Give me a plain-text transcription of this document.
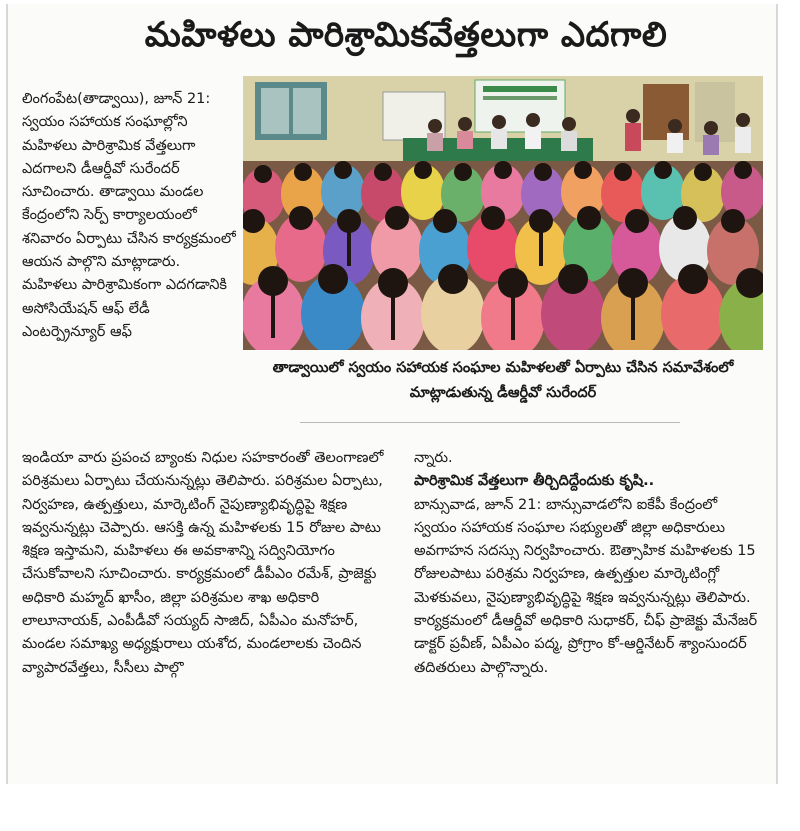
మహిళలు పారిశ్రామికవేత్తలుగా ఎదగాలి
లింగంపేట(తాడ్వాయి), జూన్ 21: స్వయం సహాయక సంఘాల్లోని మహిళలు పారిశ్రామిక వేత్తలుగా ఎదగాలని డీఆర్డీవో సురేందర్ సూచించారు. తాడ్వాయి మండల కేంద్రంలోని సెర్ప్ కార్యాలయంలో శనివారం ఏర్పాటు చేసిన కార్యక్రమంలో ఆయన పాల్గొని మాట్లాడారు. మహిళలు పారిశ్రామికంగా ఎదగడానికి అసోసియేషన్ ఆఫ్ లేడీ ఎంటర్ప్రెన్యూర్ ఆఫ్
తాడ్వాయిలో స్వయం సహాయక సంఘాల మహిళలతో ఏర్పాటు చేసిన సమావేశంలో మాట్లాడుతున్న డీఆర్డీవో సురేందర్
ఇండియా వారు ప్రపంచ బ్యాంకు నిధుల సహకారంతో తెలంగాణలో పరిశ్రమలు ఏర్పాటు చేయనున్నట్లు తెలిపారు. పరిశ్రమల ఏర్పాటు, నిర్వహణ, ఉత్పత్తులు, మార్కెటింగ్ నైపుణ్యాభివృద్ధిపై శిక్షణ ఇవ్వనున్నట్లు చెప్పారు. ఆసక్తి ఉన్న మహిళలకు 15 రోజుల పాటు శిక్షణ ఇస్తామని, మహిళలు ఈ అవకాశాన్ని సద్వినియోగం చేసుకోవాలని సూచించారు. కార్యక్రమంలో డీపీఎం రమేశ్, ప్రాజెక్టు అధికారి మహ్మద్ ఖాసీం, జిల్లా పరిశ్రమల శాఖ అధికారి లాలూనాయక్, ఎంపీడీవో సయ్యద్ సాజిద్, ఏపీఎం మనోహర్, మండల సమాఖ్య అధ్యక్షురాలు యశోద, మండలాలకు చెందిన వ్యాపారవేత్తలు, సీసీలు పాల్గొ
న్నారు.
పారిశ్రామిక వేత్తలుగా తీర్చిదిద్దేందుకు కృషి..
బాన్సువాడ, జూన్ 21: బాన్సువాడలోని ఐకేపీ కేంద్రంలో స్వయం సహాయక సంఘాల సభ్యులతో జిల్లా అధికారులు అవగాహన సదస్సు నిర్వహించారు. ఔత్సాహిక మహిళలకు 15 రోజులపాటు పరిశ్రమ నిర్వహణ, ఉత్పత్తుల మార్కెటింగ్లో మెళకువలు, నైపుణ్యాభివృద్ధిపై శిక్షణ ఇవ్వనున్నట్లు తెలిపారు. కార్యక్రమంలో డీఆర్డీవో అధికారి సుధాకర్, చీఫ్ ప్రాజెక్టు మేనేజర్ డాక్టర్ ప్రవీణ్, ఏపీఎం పద్మ, ప్రోగ్రాం కో-ఆర్డినేటర్ శ్యాంసుందర్ తదితరులు పాల్గొన్నారు.
